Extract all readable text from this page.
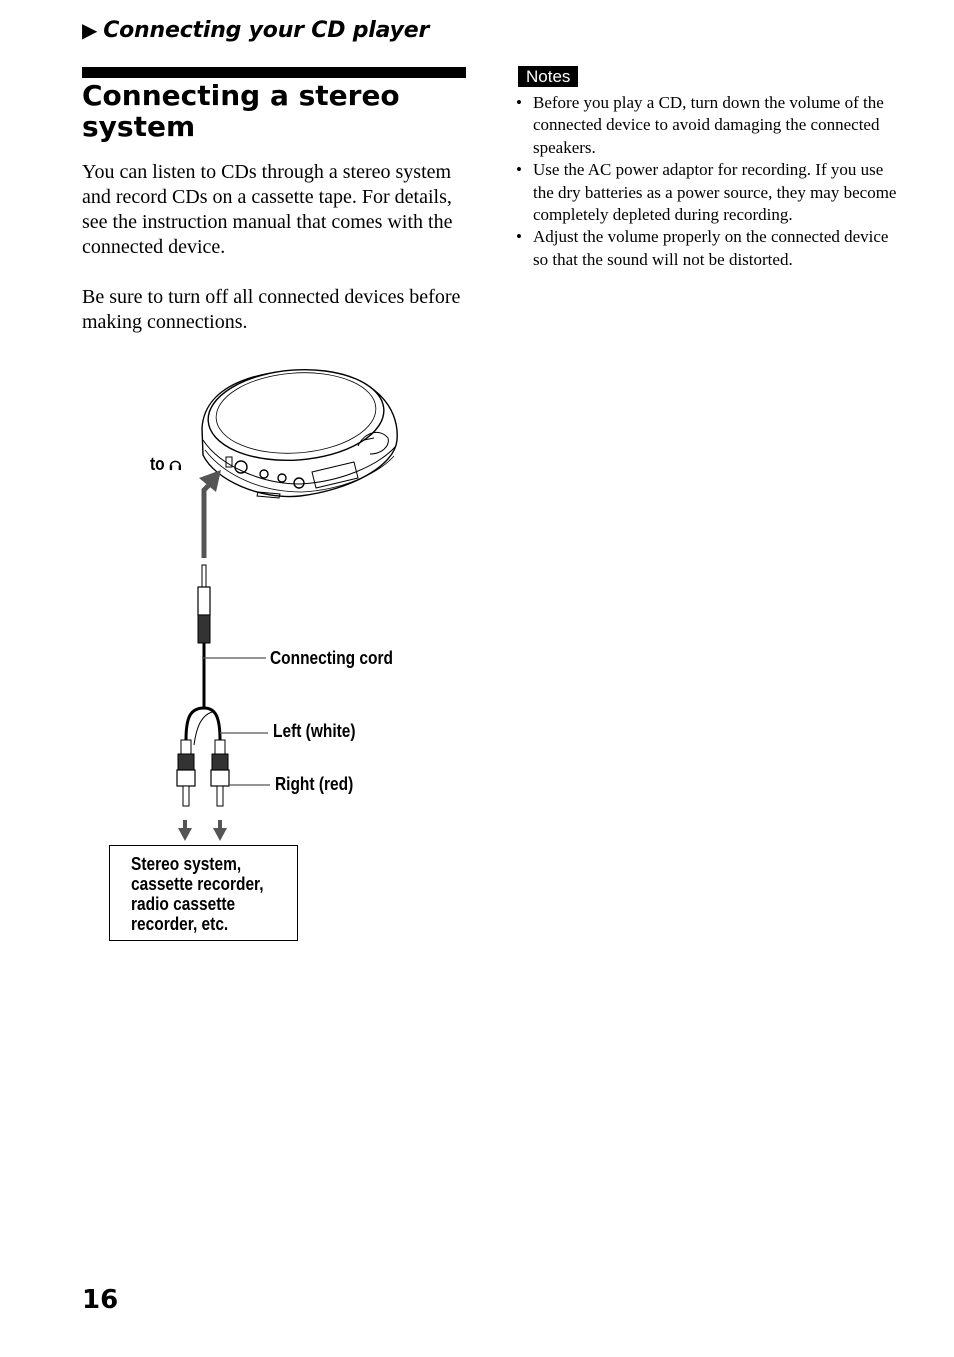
▶ Connecting your CD player
Connecting a stereo system

You can listen to CDs through a stereo system and record CDs on a cassette tape. For details, see the instruction manual that comes with the connected device.

Be sure to turn off all connected devices before making connections.

Notes
• Before you play a CD, turn down the volume of the connected device to avoid damaging the connected speakers.
• Use the AC power adaptor for recording. If you use the dry batteries as a power source, they may become completely depleted during recording.
• Adjust the volume properly on the connected device so that the sound will not be distorted.
to
Connecting cord
Left (white)
Right (red)
Stereo system,
cassette recorder,
radio cassette
recorder, etc.
16
